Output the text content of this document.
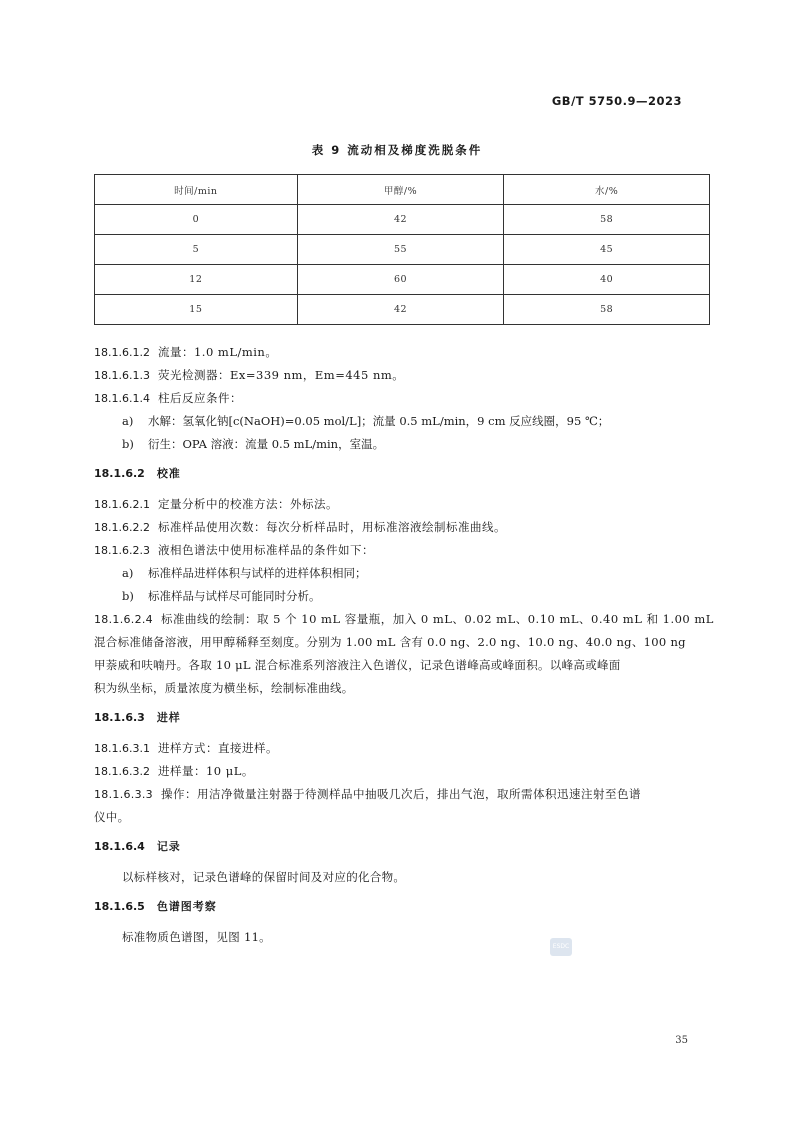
GB/T 5750.9—2023
表 9 流动相及梯度洗脱条件
时间/min	甲醇/%	水/%
0	42	58
5	55	45
12	60	40
15	42	58
18.1.6.1.2 流量：1.0 mL/min。
18.1.6.1.3 荧光检测器：Ex=339 nm，Em=445 nm。
18.1.6.1.4 柱后反应条件：
a) 水解：氢氧化钠[c(NaOH)=0.05 mol/L]；流量 0.5 mL/min，9 cm 反应线圈，95 ℃；
b) 衍生：OPA 溶液：流量 0.5 mL/min，室温。
18.1.6.2 校准
18.1.6.2.1 定量分析中的校准方法：外标法。
18.1.6.2.2 标准样品使用次数：每次分析样品时，用标准溶液绘制标准曲线。
18.1.6.2.3 液相色谱法中使用标准样品的条件如下：
a) 标准样品进样体积与试样的进样体积相同；
b) 标准样品与试样尽可能同时分析。
18.1.6.2.4 标准曲线的绘制：取 5 个 10 mL 容量瓶，加入 0 mL、0.02 mL、0.10 mL、0.40 mL 和 1.00 mL
混合标准储备溶液，用甲醇稀释至刻度。分别为 1.00 mL 含有 0.0 ng、2.0 ng、10.0 ng、40.0 ng、100 ng
甲萘威和呋喃丹。各取 10 μL 混合标准系列溶液注入色谱仪，记录色谱峰高或峰面积。以峰高或峰面
积为纵坐标，质量浓度为横坐标，绘制标准曲线。
18.1.6.3 进样
18.1.6.3.1 进样方式：直接进样。
18.1.6.3.2 进样量：10 μL。
18.1.6.3.3 操作：用洁净微量注射器于待测样品中抽吸几次后，排出气泡，取所需体积迅速注射至色谱
仪中。
18.1.6.4 记录
以标样核对，记录色谱峰的保留时间及对应的化合物。
18.1.6.5 色谱图考察
标准物质色谱图，见图 11。
ESDC
35
